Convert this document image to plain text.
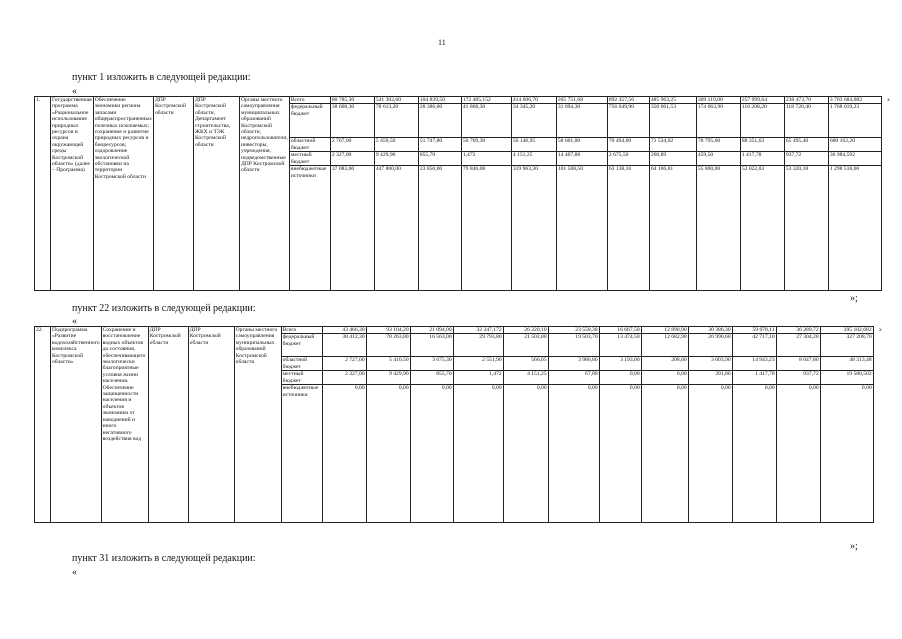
11
пункт 1 изложить в следующей редакции:
«
1.	Государственная программа «Рациональное использование природных ресурсов и охрана окружающей среды Костромской области» (далее – Программа)	Обеспечение экономики региона запасами общераспространенных полезных ископаемых; сохранение и развитие природных ресурсов и биоресурсов; оздоровление экологической обстановки на территории Костромской области	ДПР Костромской области	ДПР Костромской области, Департамент строительства, ЖКХ и ТЭК Костромской области	Органы местного самоуправления муниципальных образований Костромской области, недропользователи, инвесторы, учреждения, подведомственные ДПР Костромской области	Всего	80 785,30	541 302,60	104 839,50	172 485,152	414 606,70	205 751,68	892 357,56	485 963,25	309 119,00	257 999,64	238 473,70	3 703 684,082	x
						федеральный бюджет	38 608,30	78 613,20	28 386,00	41 868,30	34 345,20	31 094,30	756 049,90	350 061,53	174 063,90	116 208,20	118 720,40	1 768 019,23	
						областной бюджет	2 767,00	5 459,50	51 747,80	50 769,30	56 146,95	58 601,00	70 494,00	71 534,02	78 795,60	88 351,63	65 495,40	600 162,20	
						местный бюджет	2 327,00	9 429,90	855,70	1,472	4 151,25	14 467,88	2 675,50	260,89	459,50	1 417,78	937,72	36 984,592	
						внебюджетные источники	37 083,00	447 800,00	23 850,00	79 846,08	319 963,30	101 588,50	63 138,16	64 106,81	55 800,00	52 022,03	53 320,18	1 298 518,06	
»;
пункт 22 изложить в следующей редакции:
«
22.	Подпрограмма «Развитие водохозяйственного комплекса Костромской области»	Сохранение и восстановление водных объектов до состояния, обеспечивающего экологически благоприятные условия жизни населения. Обеспечение защищенности населения и объектов экономики от наводнений и иного негативного воздействия вод	ДПР Костромской области	ДПР Костромской области	Органы местного самоуправления муниципальных образований Костромской области	Всего	43 466,30	93 104,20	21 094,00	32 347,172	26 220,10	23 558,38	16 667,50	12 890,90	30 386,30	59 078,11	36 289,72	395 102,682	x
						федеральный бюджет	38 412,30	78 263,80	16 563,00	29 793,80	21 502,80	19 503,70	13 474,50	12 682,90	26 990,60	42 717,10	27 304,20	327 208,70	
						областной бюджет	2 727,00	5 410,50	3 675,30	2 551,90	566,05	3 986,80	3 193,00	208,00	3 003,90	14 943,23	8 047,80	48 313,48	
						местный бюджет	2 327,00	9 429,90	855,70	1,472	4 151,25	67,88	0,00	0,00	391,80	1 417,78	937,72	19 580,502	
						внебюджетные источники	0,00	0,00	0,00	0,00	0,00	0,00	0,00	0,00	0,00	0,00	0,00	0,00	
»;
пункт 31 изложить в следующей редакции:
«
